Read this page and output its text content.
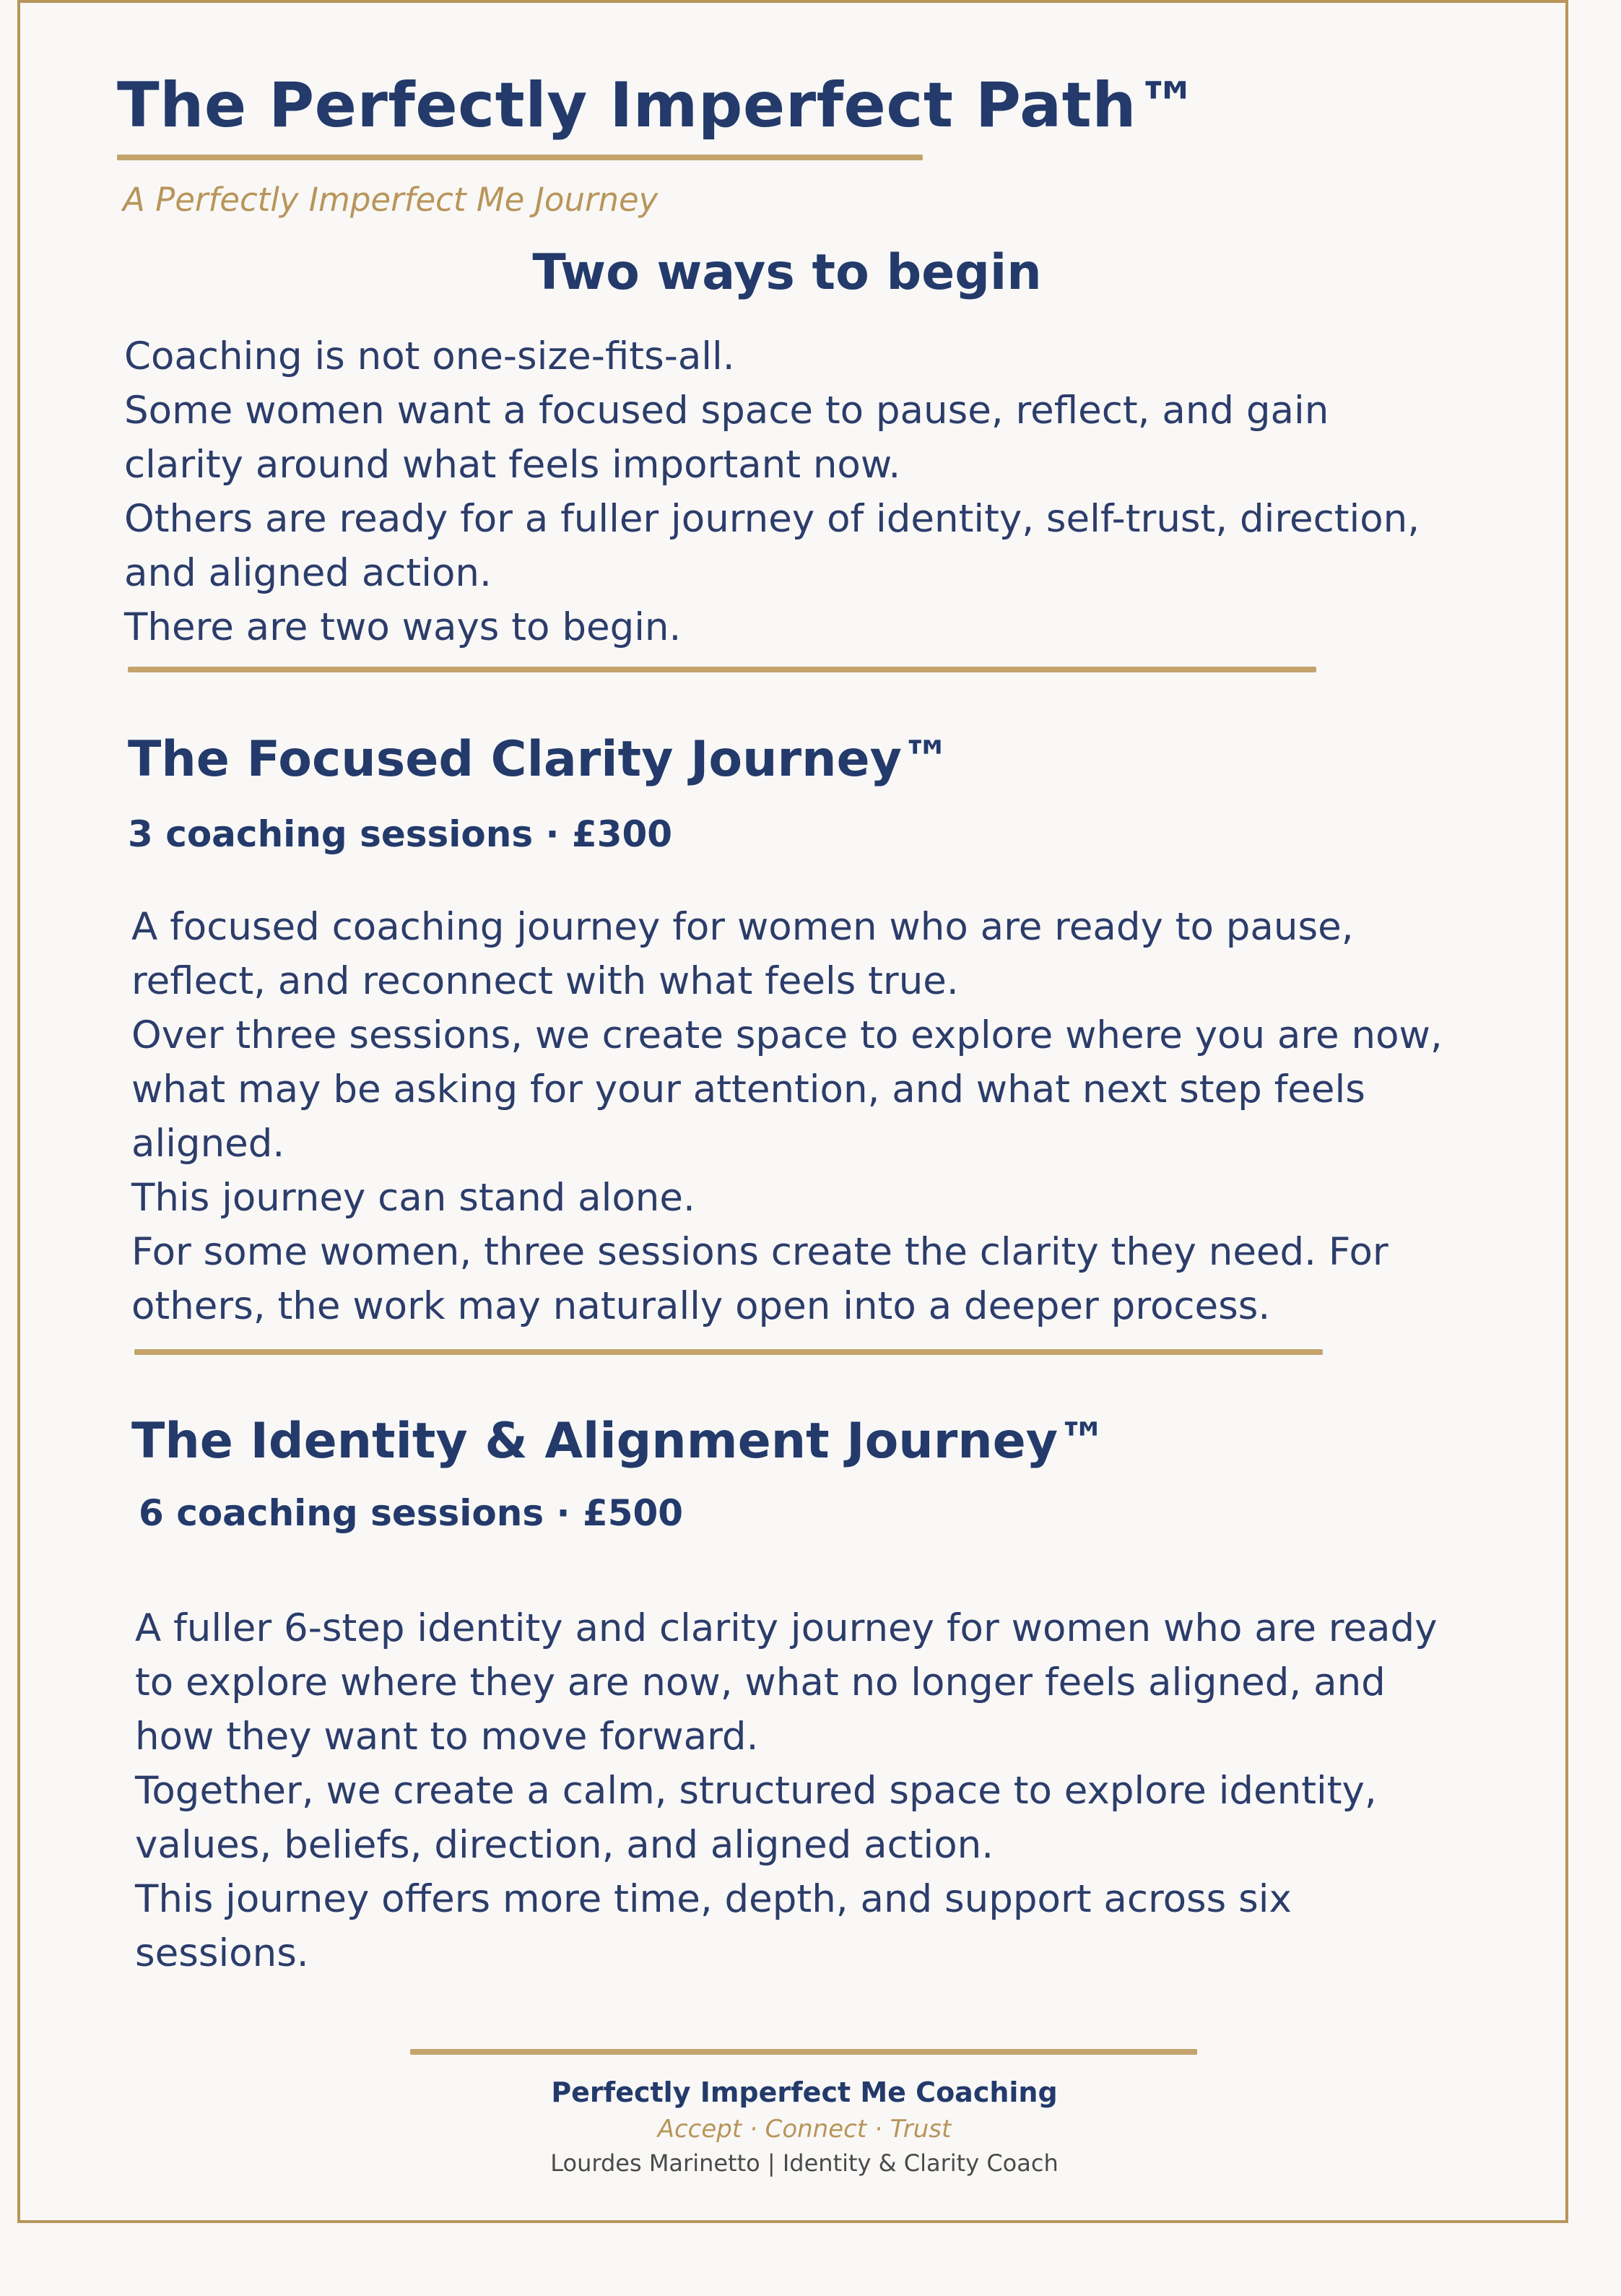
The Perfectly Imperfect Path™
A Perfectly Imperfect Me Journey
Two ways to begin
Coaching is not one-size-fits-all.
Some women want a focused space to pause, reflect, and gain
clarity around what feels important now.
Others are ready for a fuller journey of identity, self-trust, direction,
and aligned action.
There are two ways to begin.
The Focused Clarity Journey™
3 coaching sessions · £300
A focused coaching journey for women who are ready to pause,
reflect, and reconnect with what feels true.
Over three sessions, we create space to explore where you are now,
what may be asking for your attention, and what next step feels
aligned.
This journey can stand alone.
For some women, three sessions create the clarity they need. For
others, the work may naturally open into a deeper process.
The Identity & Alignment Journey™
6 coaching sessions · £500
A fuller 6-step identity and clarity journey for women who are ready
to explore where they are now, what no longer feels aligned, and
how they want to move forward.
Together, we create a calm, structured space to explore identity,
values, beliefs, direction, and aligned action.
This journey offers more time, depth, and support across six
sessions.
Perfectly Imperfect Me Coaching
Accept · Connect · Trust
Lourdes Marinetto | Identity & Clarity Coach
